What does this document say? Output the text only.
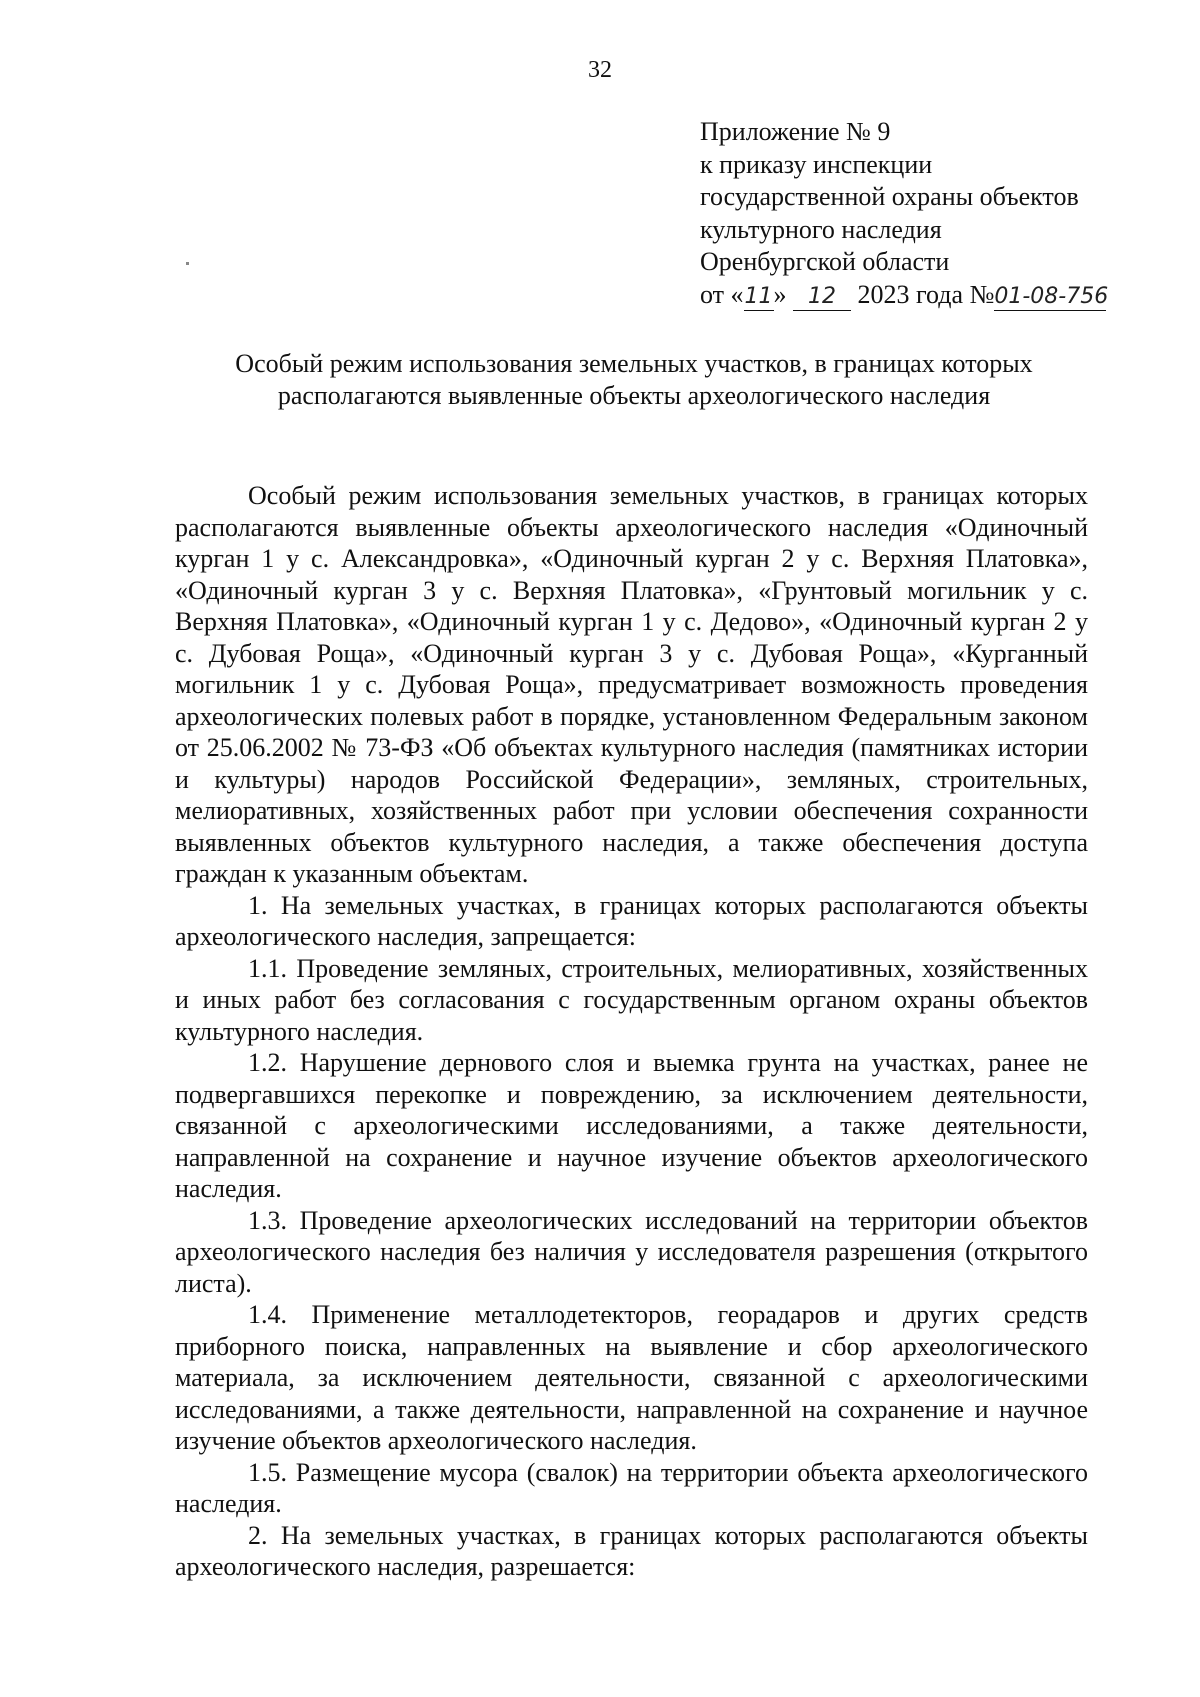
32
Приложение № 9
к приказу инспекции
государственной охраны объектов
культурного наследия
Оренбургской области
от «11» 12 2023 года №01-08-756
Особый режим использования земельных участков, в границах которых располагаются выявленные объекты археологического наследия

Особый режим использования земельных участков, в границах которых располагаются выявленные объекты археологического наследия «Одиночный курган 1 у с. Александровка», «Одиночный курган 2 у с. Верхняя Платовка», «Одиночный курган 3 у с. Верхняя Платовка», «Грунтовый могильник у с. Верхняя Платовка», «Одиночный курган 1 у с. Дедово», «Одиночный курган 2 у с. Дубовая Роща», «Одиночный курган 3 у с. Дубовая Роща», «Курганный могильник 1 у с. Дубовая Роща», предусматривает возможность проведения археологических полевых работ в порядке, установленном Федеральным законом от 25.06.2002 № 73-ФЗ «Об объектах культурного наследия (памятниках истории и культуры) народов Российской Федерации», земляных, строительных, мелиоративных, хозяйственных работ при условии обеспечения сохранности выявленных объектов культурного наследия, а также обеспечения доступа граждан к указанным объектам.

1. На земельных участках, в границах которых располагаются объекты археологического наследия, запрещается:

1.1. Проведение земляных, строительных, мелиоративных, хозяйственных и иных работ без согласования с государственным органом охраны объектов культурного наследия.

1.2. Нарушение дернового слоя и выемка грунта на участках, ранее не подвергавшихся перекопке и повреждению, за исключением деятельности, связанной с археологическими исследованиями, а также деятельности, направленной на сохранение и научное изучение объектов археологического наследия.

1.3. Проведение археологических исследований на территории объектов археологического наследия без наличия у исследователя разрешения (открытого листа).

1.4. Применение металлодетекторов, георадаров и других средств приборного поиска, направленных на выявление и сбор археологического материала, за исключением деятельности, связанной с археологическими исследованиями, а также деятельности, направленной на сохранение и научное изучение объектов археологического наследия.

1.5. Размещение мусора (свалок) на территории объекта археологического наследия.

2. На земельных участках, в границах которых располагаются объекты археологического наследия, разрешается:
